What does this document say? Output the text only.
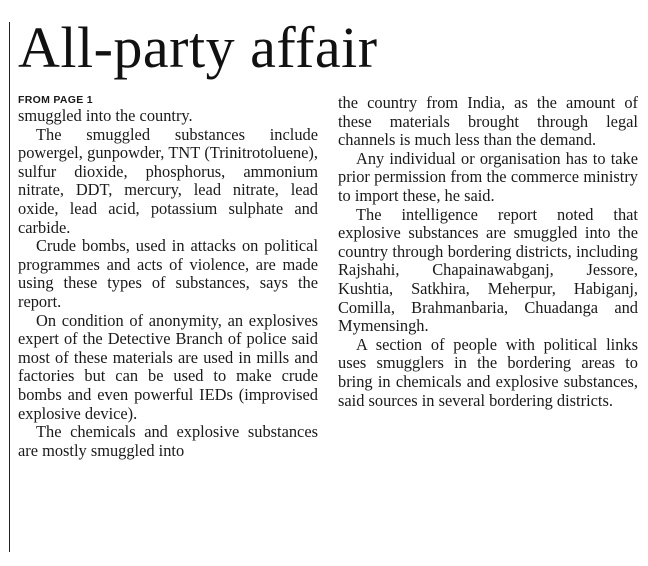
All-party affair
FROM PAGE 1

smuggled into the country.

The smuggled substances include powergel, gunpowder, TNT (Trinitrotoluene), sulfur dioxide, phosphorus, ammonium nitrate, DDT, mercury, lead nitrate, lead oxide, lead acid, potassium sulphate and carbide.

Crude bombs, used in attacks on political programmes and acts of violence, are made using these types of substances, says the report.

On condition of anonymity, an explosives expert of the Detective Branch of police said most of these materials are used in mills and factories but can be used to make crude bombs and even powerful IEDs (improvised explosive device).

The chemicals and explosive substances are mostly smuggled into

the country from India, as the amount of these materials brought through legal channels is much less than the demand.

Any individual or organisation has to take prior permission from the commerce ministry to import these, he said.

The intelligence report noted that explosive substances are smuggled into the country through bordering districts, including Rajshahi, Chapainawabganj, Jessore, Kushtia, Satkhira, Meherpur, Habiganj, Comilla, Brahmanbaria, Chuadanga and Mymensingh.

A section of people with political links uses smugglers in the bordering areas to bring in chemicals and explosive substances, said sources in several bordering districts.
